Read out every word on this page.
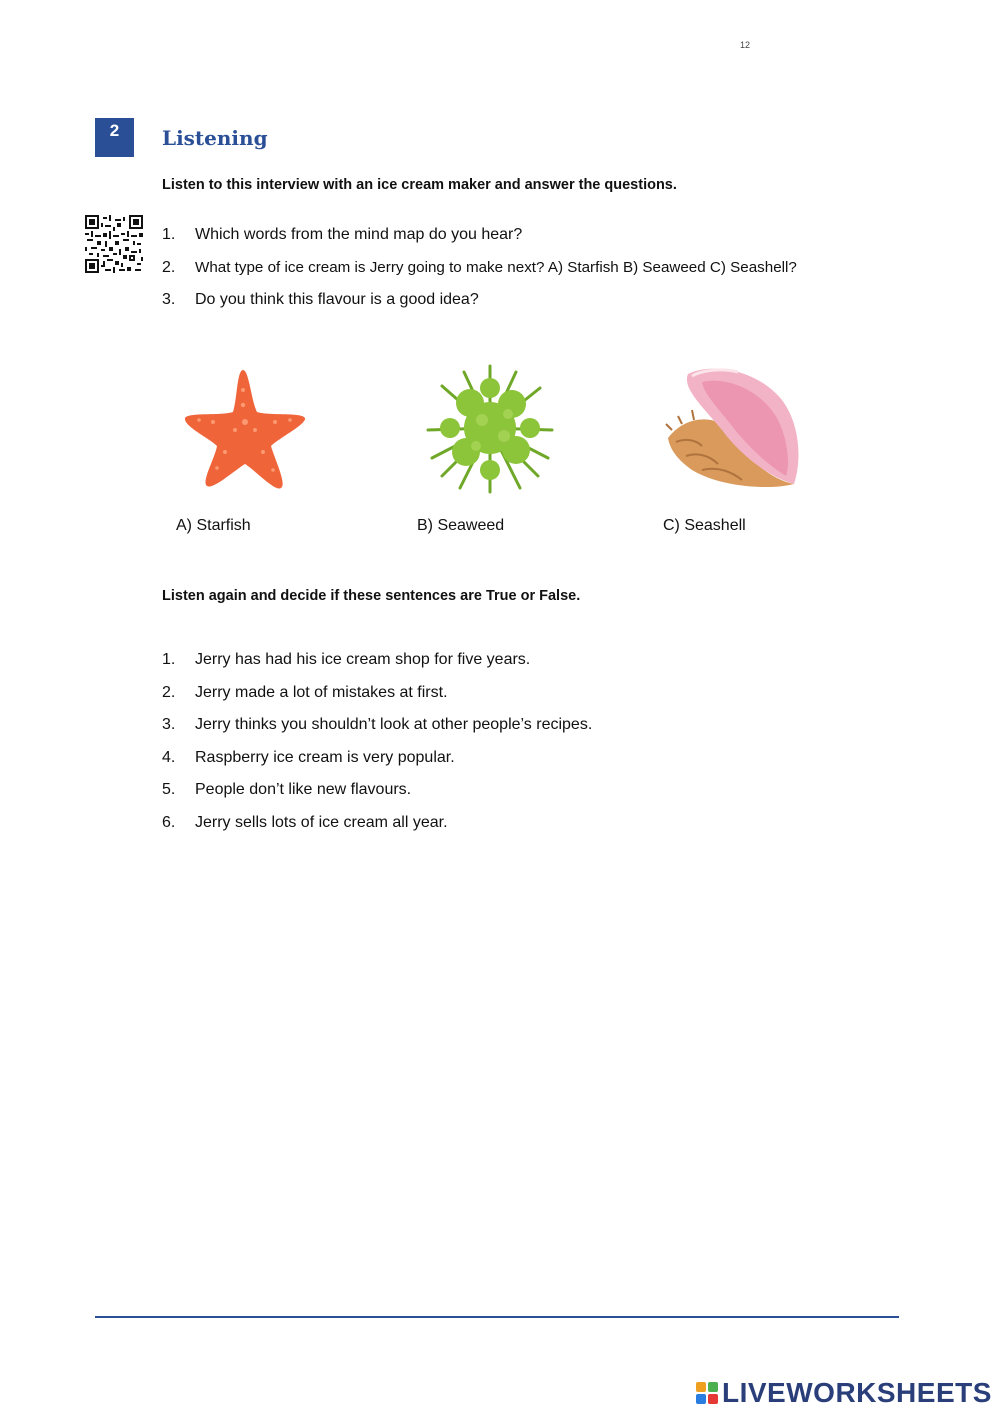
12
2	Listening
Listen to this interview with an ice cream maker and answer the questions.
1.	Which words from the mind map do you hear?
2.	What type of ice cream is Jerry going to make next? A) Starfish B) Seaweed C) Seashell?
3.	Do you think this flavour is a good idea?
A) Starfish	B) Seaweed	C) Seashell
Listen again and decide if these sentences are True or False.
1.	Jerry has had his ice cream shop for five years.
2.	Jerry made a lot of mistakes at first.
3.	Jerry thinks you shouldn’t look at other people’s recipes.
4.	Raspberry ice cream is very popular.
5.	People don’t like new flavours.
6.	Jerry sells lots of ice cream all year.
LIVEWORKSHEETS
